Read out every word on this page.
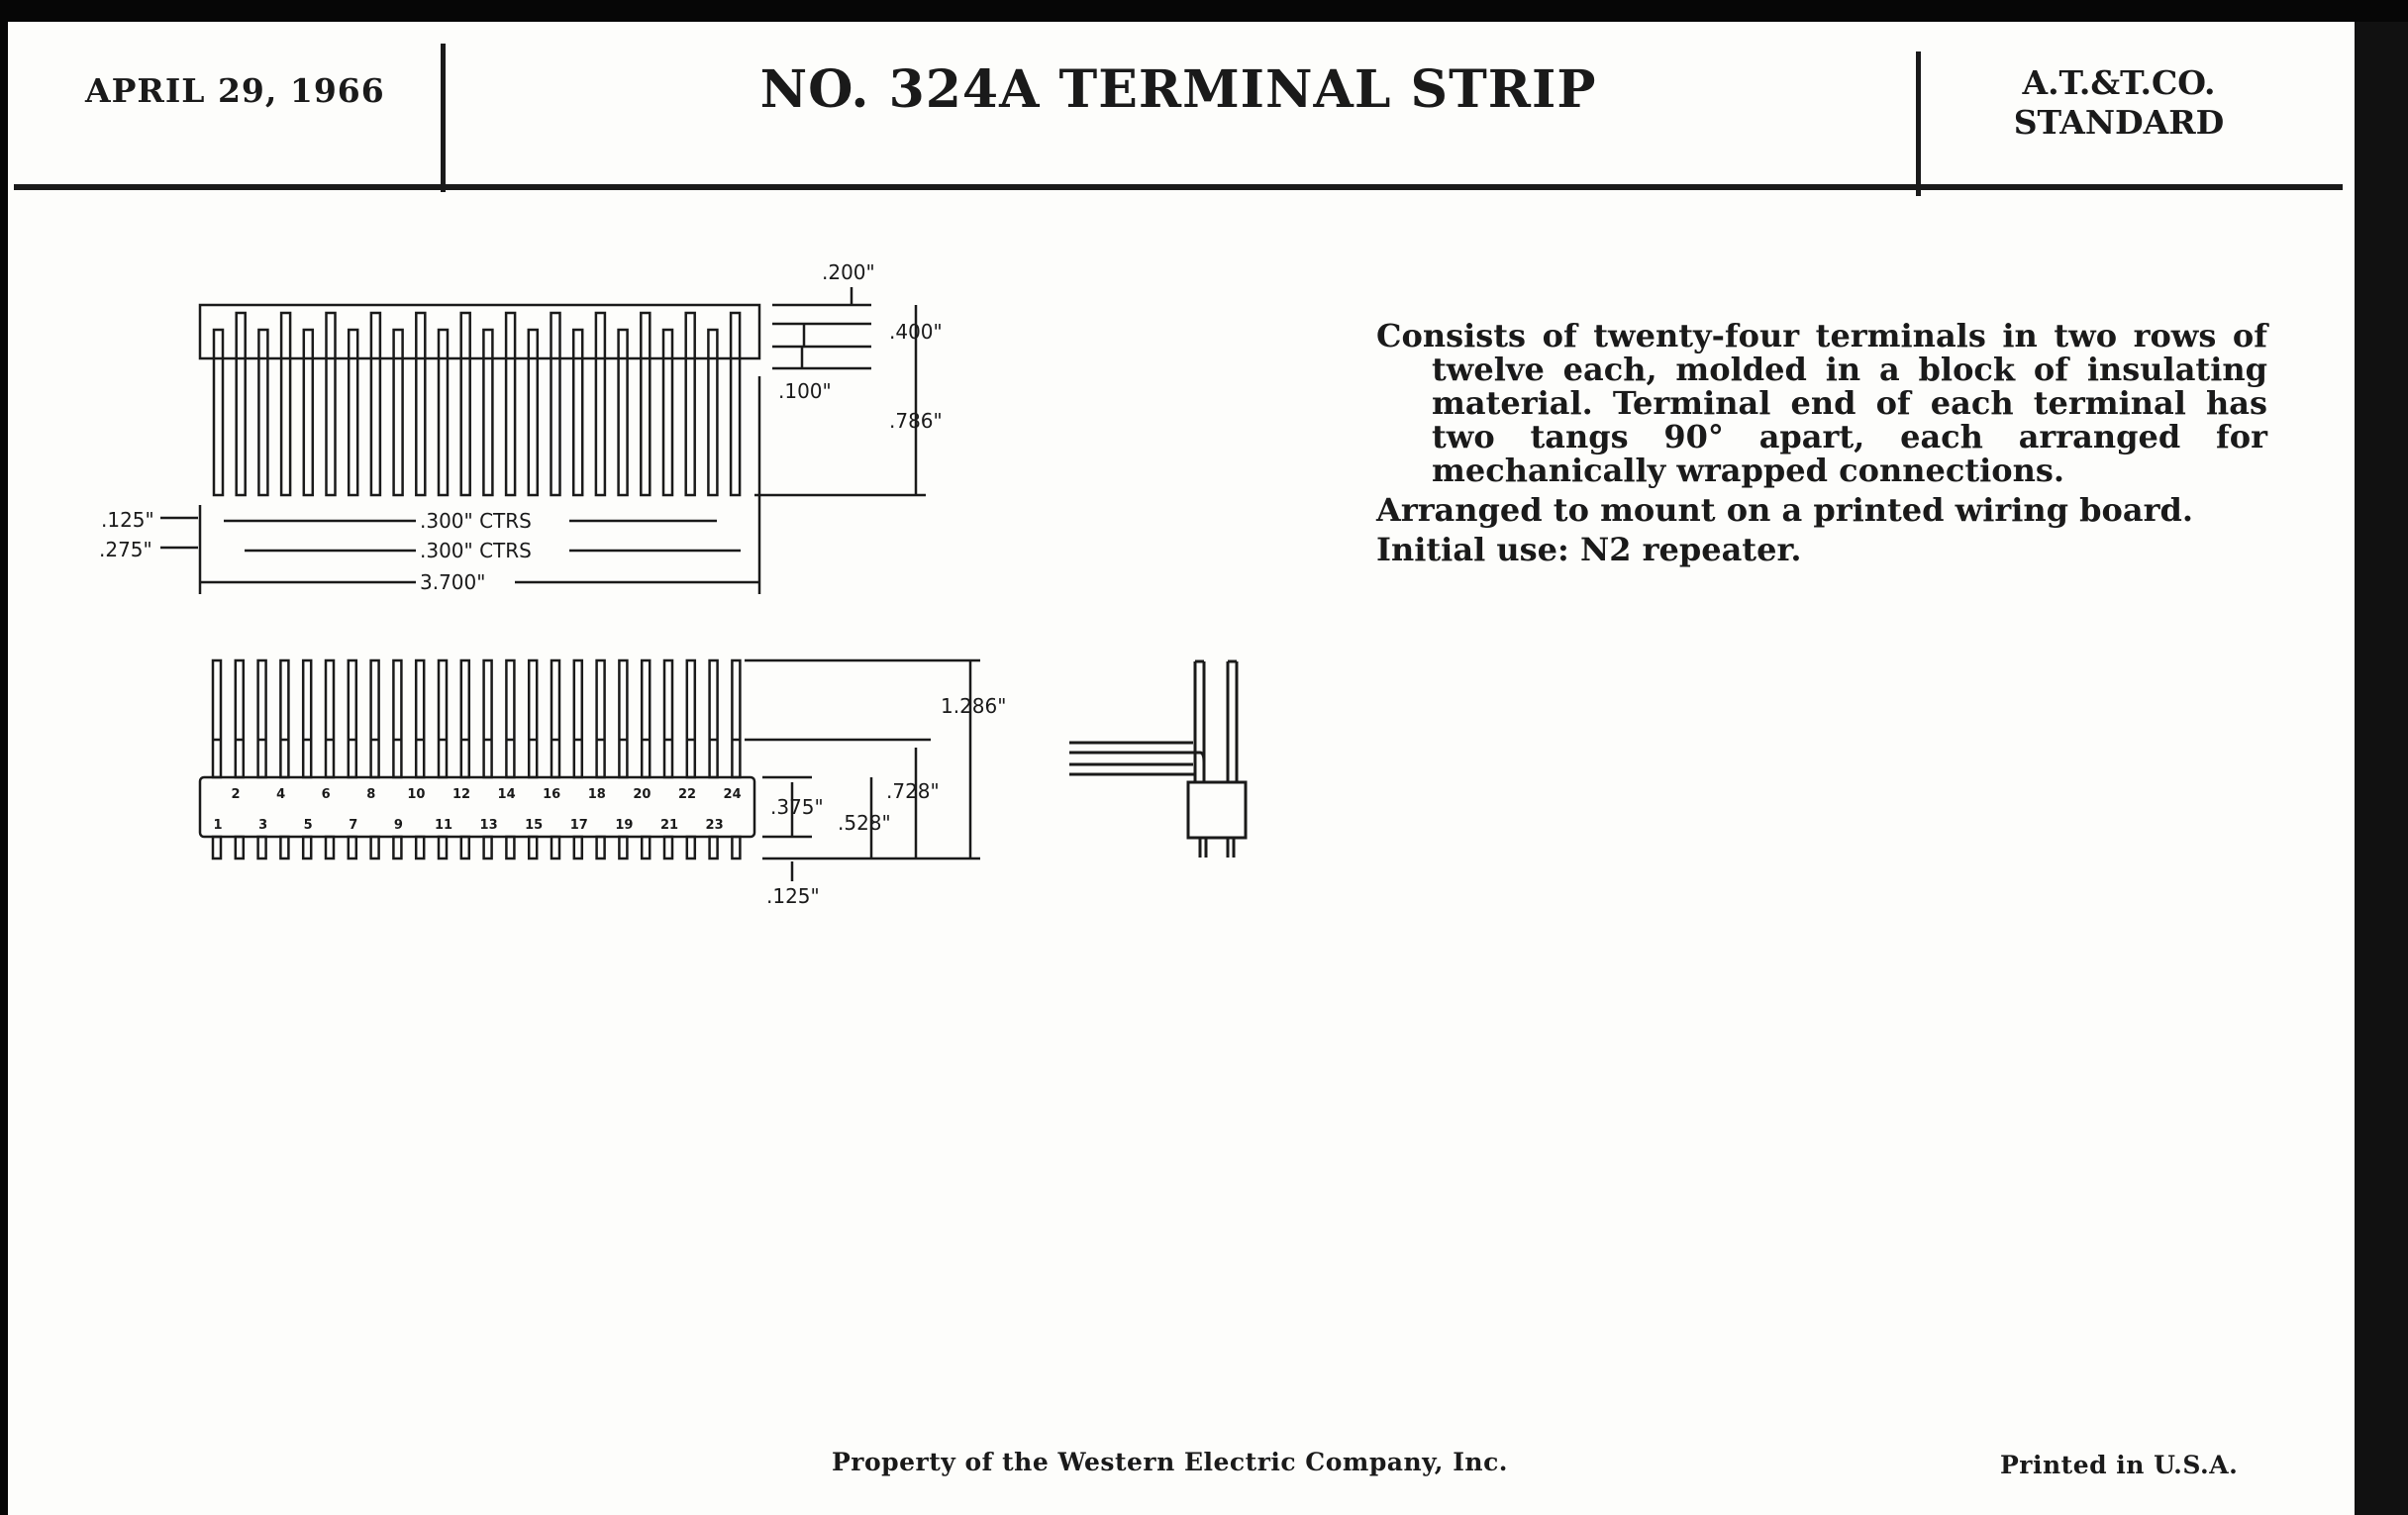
APRIL 29, 1966	NO. 324A TERMINAL STRIP	A.T.&T.CO.
STANDARD
.200"
.400"
.100"
.786"
.125"
.275"
.300" CTRS
.300" CTRS
3.700"
2	4	6	8 10 12 14 16 18 20 22 24
1	3	5	7	9 11 13 15 17 19 21 23
1.286"
.728"
.375"
.528"
.125"

Consists of twenty-four terminals in two rows of twelve each, molded in a block of insulating material. Terminal end of each terminal has two tangs 90° apart, each arranged for mechanically wrapped connections.

Arranged to mount on a printed wiring board.

Initial use: N2 repeater.

Property of the Western Electric Company, Inc.	Printed in U.S.A.
